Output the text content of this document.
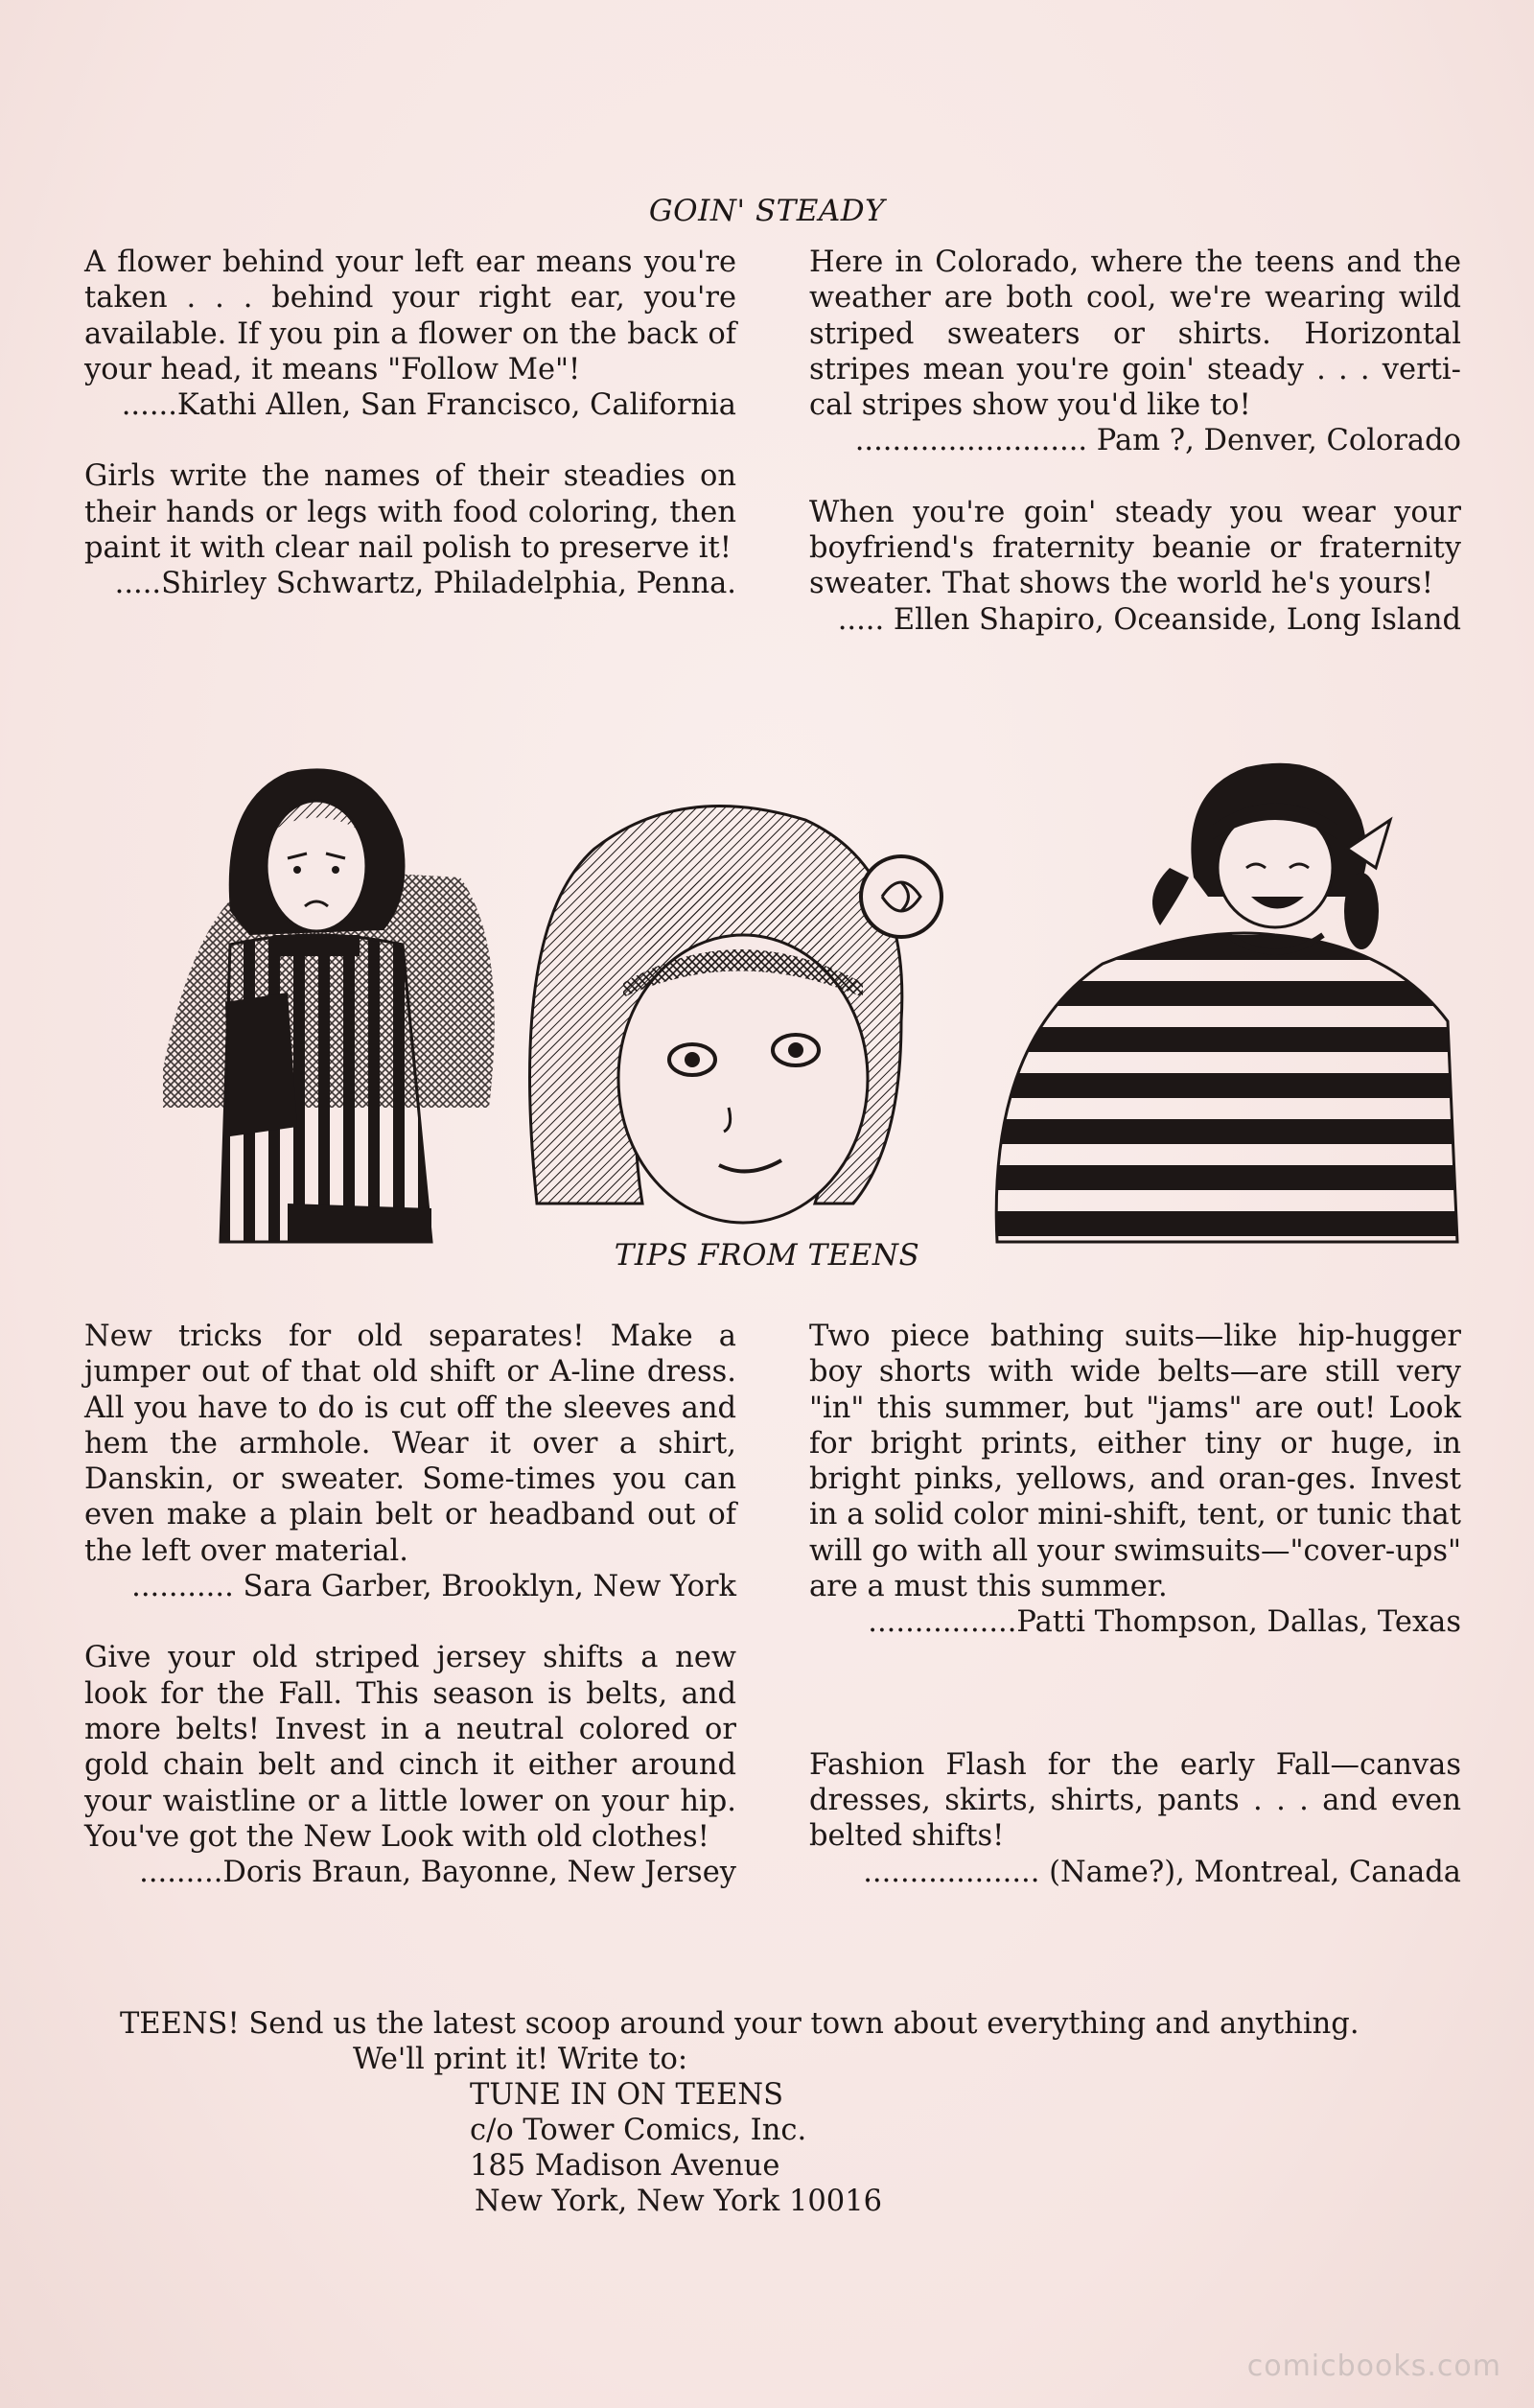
GOIN' STEADY
A flower behind your left ear means you're taken . . . behind your right ear, you're available. If you pin a flower on the back of your head, it means "Follow Me"!
......Kathi Allen, San Francisco, California
Girls write the names of their steadies on their hands or legs with food coloring, then paint it with clear nail polish to preserve it!
.....Shirley Schwartz, Philadelphia, Penna.
Here in Colorado, where the teens and the weather are both cool, we're wearing wild striped sweaters or shirts. Horizontal stripes mean you're goin' steady . . . verti-cal stripes show you'd like to!
......................... Pam ?, Denver, Colorado
When you're goin' steady you wear your boyfriend's fraternity beanie or fraternity sweater. That shows the world he's yours!
..... Ellen Shapiro, Oceanside, Long Island
TIPS FROM TEENS
New tricks for old separates! Make a jumper out of that old shift or A-line dress. All you have to do is cut off the sleeves and hem the armhole. Wear it over a shirt, Danskin, or sweater. Some-times you can even make a plain belt or headband out of the left over material.
........... Sara Garber, Brooklyn, New York
Give your old striped jersey shifts a new look for the Fall. This season is belts, and more belts! Invest in a neutral colored or gold chain belt and cinch it either around your waistline or a little lower on your hip. You've got the New Look with old clothes!
.........Doris Braun, Bayonne, New Jersey
Two piece bathing suits—like hip-hugger boy shorts with wide belts—are still very "in" this summer, but "jams" are out! Look for bright prints, either tiny or huge, in bright pinks, yellows, and oran-ges. Invest in a solid color mini-shift, tent, or tunic that will go with all your swimsuits—"cover-ups" are a must this summer.
................Patti Thompson, Dallas, Texas
Fashion Flash for the early Fall—canvas dresses, skirts, shirts, pants . . . and even belted shifts!
................... (Name?), Montreal, Canada
TEENS! Send us the latest scoop around your town about everything and anything.
We'll print it! Write to:
TUNE IN ON TEENS
c/o Tower Comics, Inc.
185 Madison Avenue
New York, New York 10016
comicbooks.com
